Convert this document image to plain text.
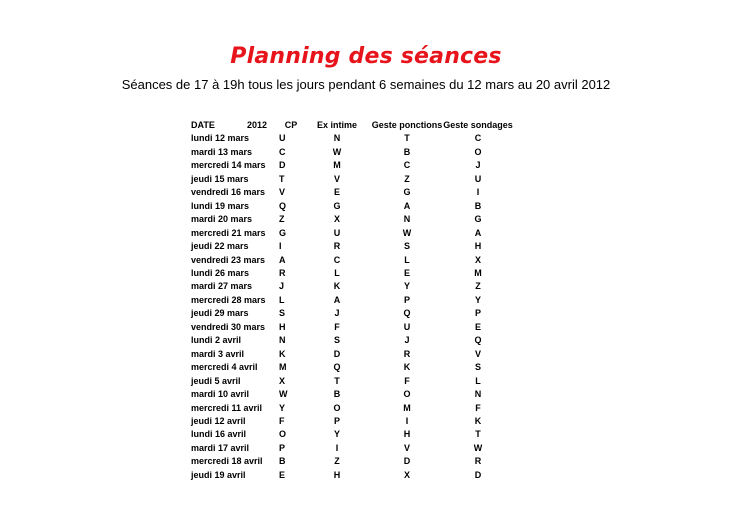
Planning des séances
Séances de 17 à 19h tous les jours pendant 6 semaines du 12 mars au 20 avril 2012
DATE 2012	CP	Ex intime	Geste ponctions	Geste sondages
lundi 12 mars	U	N	T	C
mardi 13 mars	C	W	B	O
mercredi 14 mars	D	M	C	J
jeudi 15 mars	T	V	Z	U
vendredi 16 mars	V	E	G	I
lundi 19 mars	Q	G	A	B
mardi 20 mars	Z	X	N	G
mercredi 21 mars	G	U	W	A
jeudi 22 mars	I	R	S	H
vendredi 23 mars	A	C	L	X
lundi 26 mars	R	L	E	M
mardi 27 mars	J	K	Y	Z
mercredi 28 mars	L	A	P	Y
jeudi 29 mars	S	J	Q	P
vendredi 30 mars	H	F	U	E
lundi 2 avril	N	S	J	Q
mardi 3 avril	K	D	R	V
mercredi 4 avril	M	Q	K	S
jeudi 5 avril	X	T	F	L
mardi 10 avril	W	B	O	N
mercredi 11 avril	Y	O	M	F
jeudi 12 avril	F	P	I	K
lundi 16 avril	O	Y	H	T
mardi 17 avril	P	I	V	W
mercredi 18 avril	B	Z	D	R
jeudi 19 avril	E	H	X	D
